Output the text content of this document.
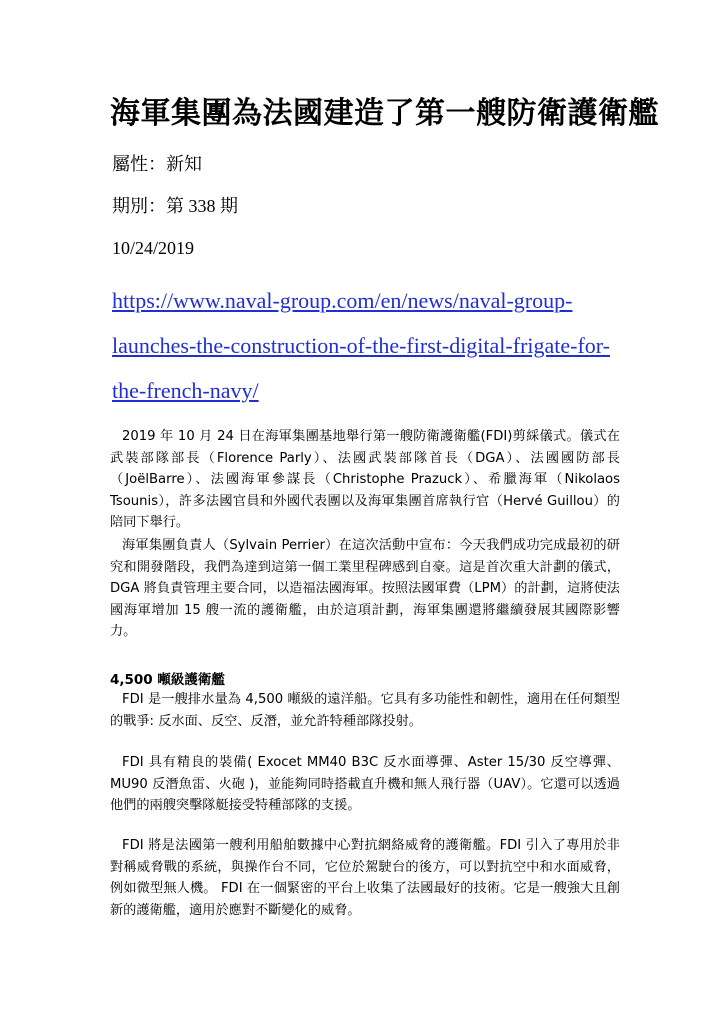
海軍集團為法國建造了第一艘防衛護衛艦
屬性：新知
期別：第 338 期
10/24/2019
https://www.naval-group.com/en/news/naval-group-
launches-the-construction-of-the-first-digital-frigate-for-
the-french-navy/

2019 年 10 月 24 日在海軍集團基地舉行第一艘防衛護衛艦(FDI)剪綵儀式。儀式在武裝部隊部長（Florence Parly）、法國武裝部隊首長（DGA）、法國國防部長（JoëlBarre）、法國海軍參謀長（Christophe Prazuck）、希臘海軍（Nikolaos Tsounis），許多法國官員和外國代表團以及海軍集團首席執行官（Hervé Guillou）的陪同下舉行。

海軍集團負責人（Sylvain Perrier）在這次活動中宣布：今天我們成功完成最初的研究和開發階段，我們為達到這第一個工業里程碑感到自豪。這是首次重大計劃的儀式，DGA 將負責管理主要合同，以造福法國海軍。按照法國軍費（LPM）的計劃，這將使法國海軍增加 15 艘一流的護衛艦，由於這項計劃，海軍集團還將繼續發展其國際影響力。

4,500 噸級護衛艦

FDI 是一艘排水量為 4,500 噸級的遠洋船。它具有多功能性和韌性，適用在任何類型的戰爭: 反水面、反空、反潛，並允許特種部隊投射。

FDI 具有精良的裝備( Exocet MM40 B3C 反水面導彈、Aster 15/30 反空導彈、MU90 反潛魚雷、火砲 )，並能夠同時搭載直升機和無人飛行器（UAV）。它還可以透過他們的兩艘突擊隊艇接受特種部隊的支援。

FDI 將是法國第一艘利用船舶數據中心對抗網絡威脅的護衛艦。FDI 引入了專用於非對稱威脅戰的系統，與操作台不同，它位於駕駛台的後方，可以對抗空中和水面威脅，例如微型無人機。 FDI 在一個緊密的平台上收集了法國最好的技術。它是一艘強大且創新的護衛艦，適用於應對不斷變化的威脅。
